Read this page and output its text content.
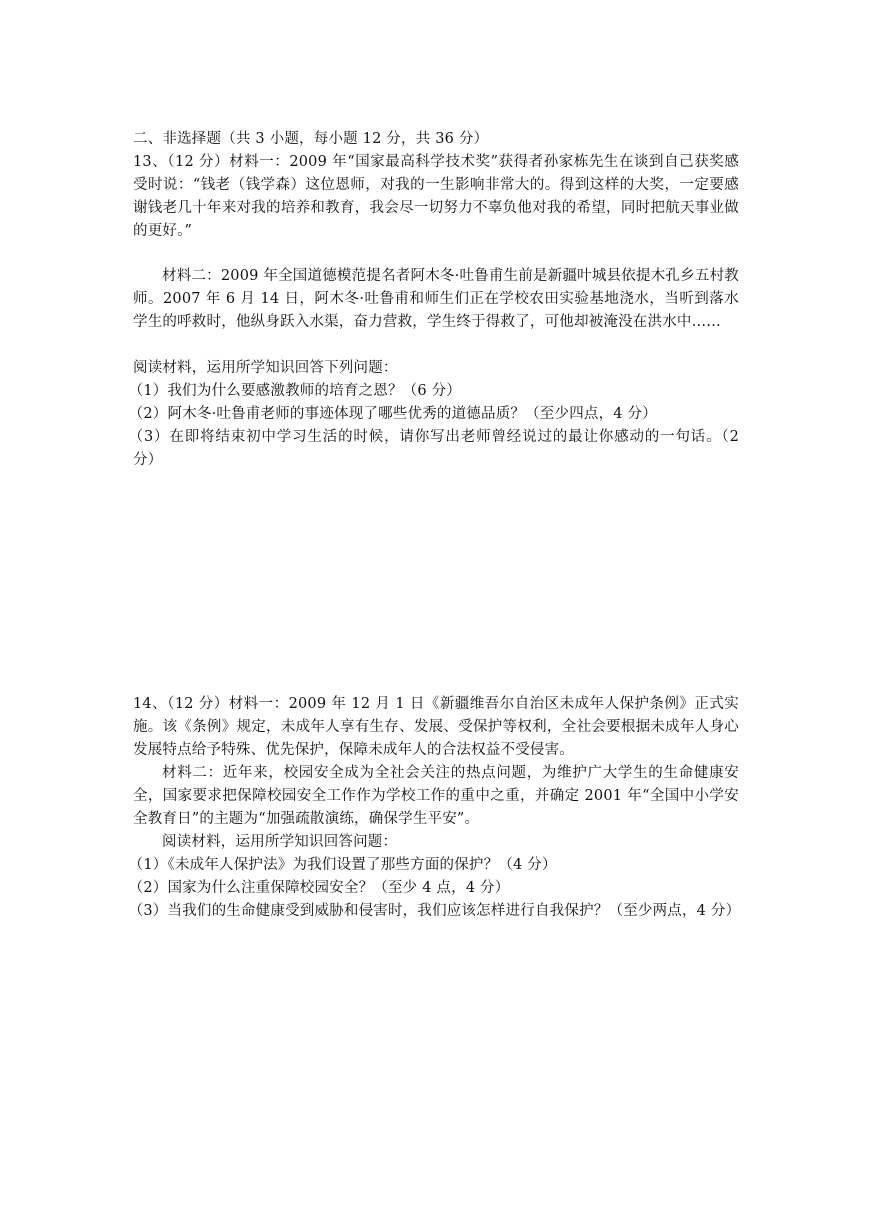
二、非选择题（共 3 小题，每小题 12 分，共 36 分）

13、（12 分）材料一：2009 年“国家最高科学技术奖”获得者孙家栋先生在谈到自己获奖感受时说：“钱老（钱学森）这位恩师，对我的一生影响非常大的。得到这样的大奖，一定要感谢钱老几十年来对我的培养和教育，我会尽一切努力不辜负他对我的希望，同时把航天事业做的更好。”

材料二：2009 年全国道德模范提名者阿木冬·吐鲁甫生前是新疆叶城县依提木孔乡五村教师。2007 年 6 月 14 日，阿木冬·吐鲁甫和师生们正在学校农田实验基地浇水，当听到落水学生的呼救时，他纵身跃入水渠，奋力营救，学生终于得救了，可他却被淹没在洪水中……

阅读材料，运用所学知识回答下列问题：

（1）我们为什么要感激教师的培育之恩？（6 分）

（2）阿木冬·吐鲁甫老师的事迹体现了哪些优秀的道德品质？（至少四点，4 分）

（3）在即将结束初中学习生活的时候，请你写出老师曾经说过的最让你感动的一句话。（2 分）

14、（12 分）材料一：2009 年 12 月 1 日《新疆维吾尔自治区未成年人保护条例》正式实施。该《条例》规定，未成年人享有生存、发展、受保护等权利，全社会要根据未成年人身心发展特点给予特殊、优先保护，保障未成年人的合法权益不受侵害。

材料二：近年来，校园安全成为全社会关注的热点问题，为维护广大学生的生命健康安全，国家要求把保障校园安全工作作为学校工作的重中之重，并确定 2001 年“全国中小学安全教育日”的主题为“加强疏散演练，确保学生平安”。

阅读材料，运用所学知识回答问题：

（1）《未成年人保护法》为我们设置了那些方面的保护？（4 分）

（2）国家为什么注重保障校园安全？（至少 4 点，4 分）

（3）当我们的生命健康受到威胁和侵害时，我们应该怎样进行自我保护？（至少两点，4 分）
